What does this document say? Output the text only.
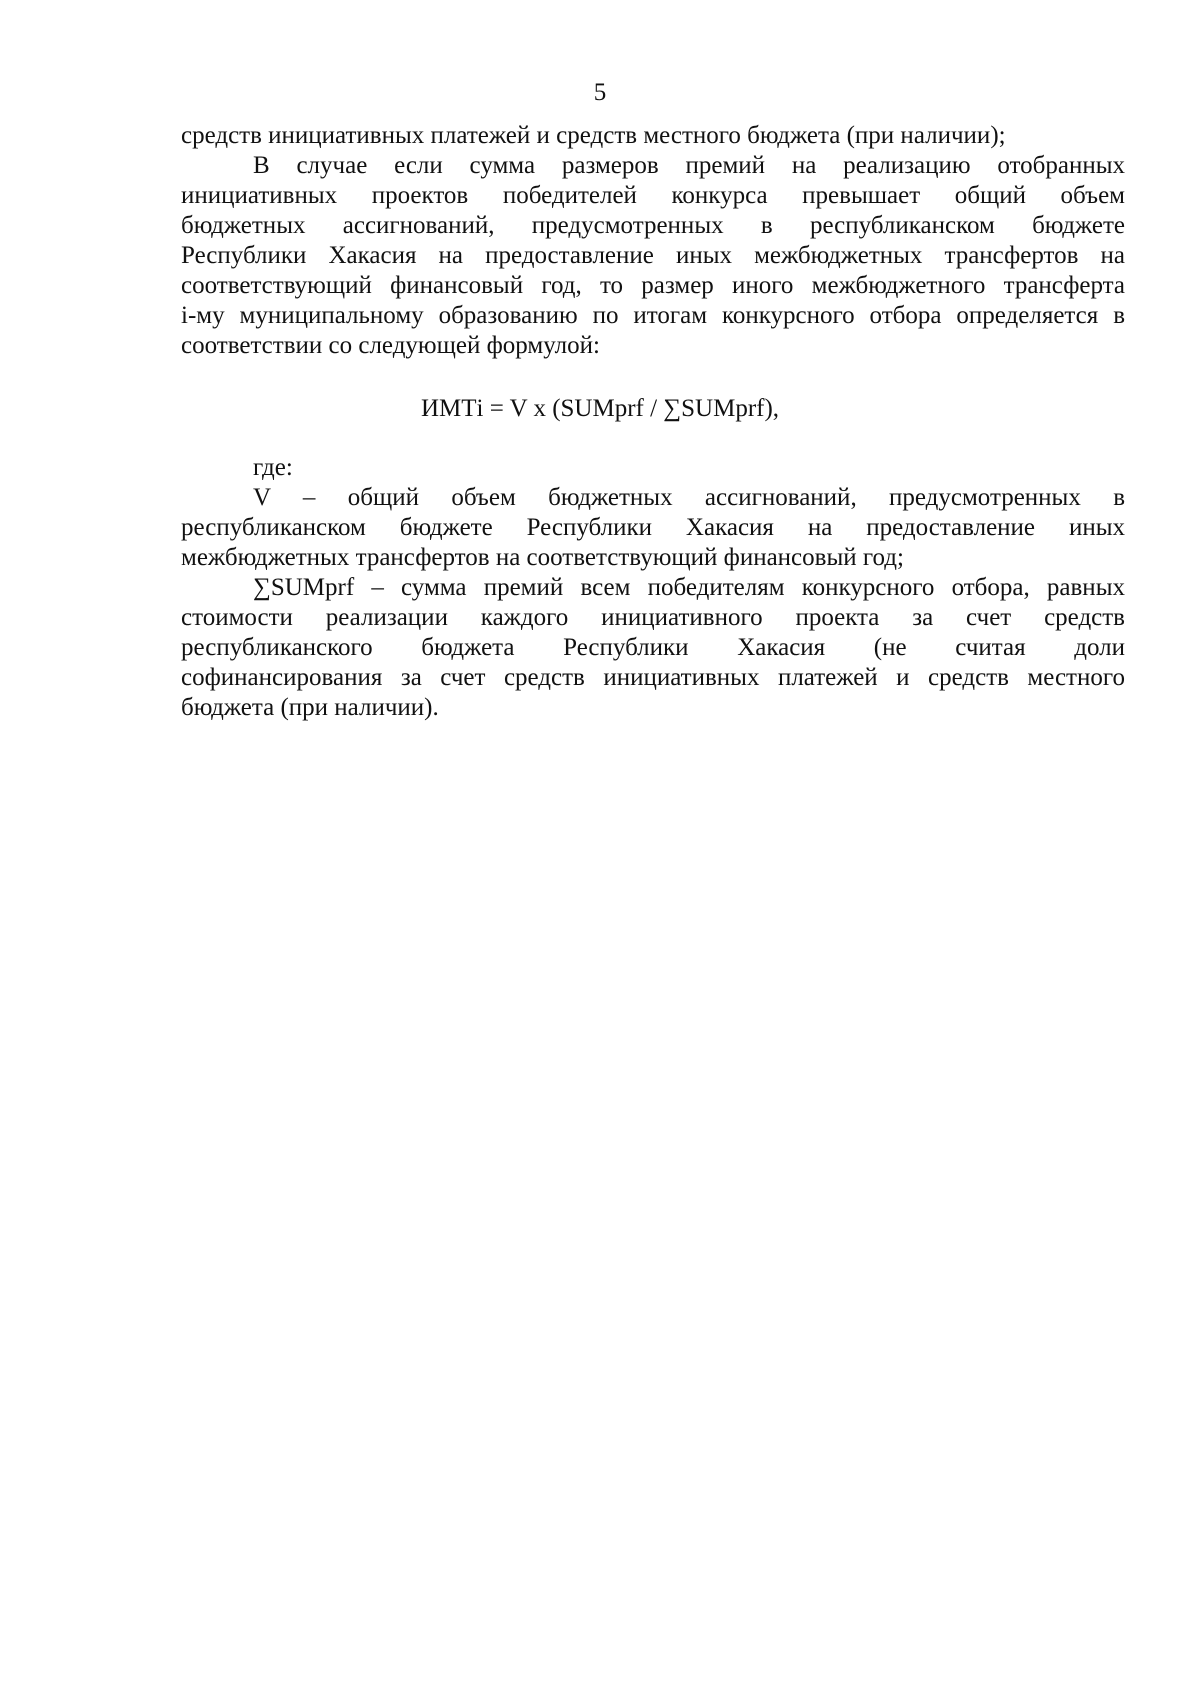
5
средств инициативных платежей и средств местного бюджета (при наличии);
В случае если сумма размеров премий на реализацию отобранных
инициативных проектов победителей конкурса превышает общий объем
бюджетных ассигнований, предусмотренных в республиканском бюджете
Республики Хакасия на предоставление иных межбюджетных трансфертов на
соответствующий финансовый год, то размер иного межбюджетного трансферта
i-му муниципальному образованию по итогам конкурсного отбора определяется в
соответствии со следующей формулой:
ИМТi = V x (SUMprf / ∑SUMprf),
где:
V – общий объем бюджетных ассигнований, предусмотренных в
республиканском бюджете Республики Хакасия на предоставление иных
межбюджетных трансфертов на соответствующий финансовый год;
∑SUMprf – сумма премий всем победителям конкурсного отбора, равных
стоимости реализации каждого инициативного проекта за счет средств
республиканского бюджета Республики Хакасия (не считая доли
софинансирования за счет средств инициативных платежей и средств местного
бюджета (при наличии).
